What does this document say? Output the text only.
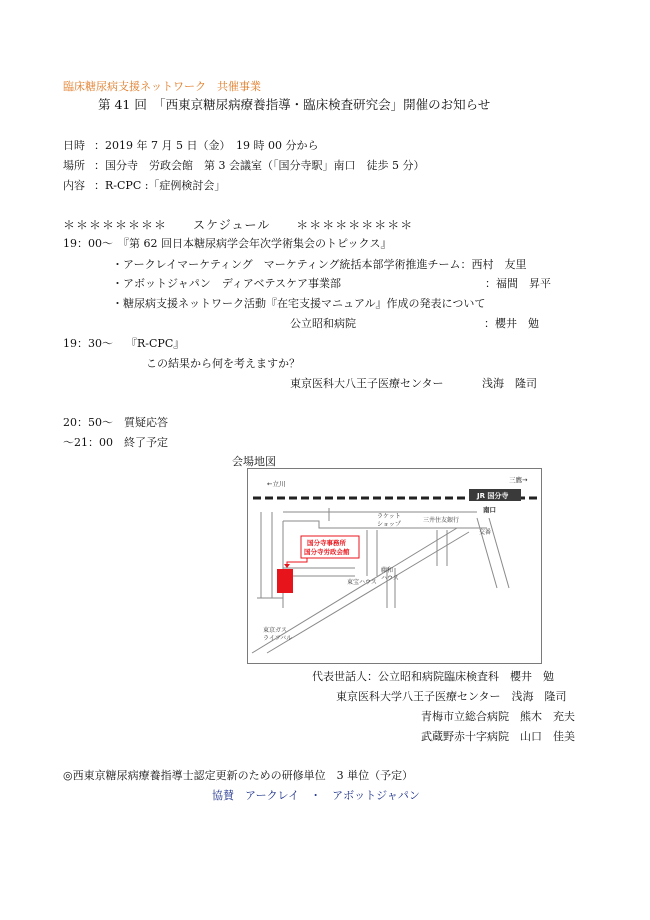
臨床糖尿病支援ネットワーク　共催事業
第 41 回　「西東京糖尿病療養指導・臨床検査研究会」開催のお知らせ
日時 ：2019 年 7 月 5 日（金）　19 時 00 分から
場所 ：国分寺　労政会館　第 3 会議室（「国分寺駅」南口　徒歩 5 分）
内容 ：R-CPC :「症例検討会」
＊＊＊＊＊＊＊＊　　スケジュール　　＊＊＊＊＊＊＊＊＊
19：00～ 『第 62 回日本糖尿病学会年次学術集会のトピックス』
・アークレイマーケティング　マーケティング統括本部学術推進チーム：西村　友里
・アボットジャパン　ディアベテスケア事業部	：福間　昇平
・糖尿病支援ネットワーク活動『在宅支援マニュアル』作成の発表について
公立昭和病院	：櫻井　勉
19：30～ 『R-CPC』
この結果から何を考えますか？
東京医科大八王子医療センター	浅海　隆司
20：50～　質疑応答
～21：00　終了予定
会場地図
←立川	三鷹→
JR 国分寺
南口
ラケット
ショップ
三井住友銀行
交番
東宝ハウス
藤和
ハウス
東京ガス
ライフバル
国分寺事務所
国分寺労政会館
代表世話人：公立昭和病院臨床検査科　櫻井　勉
東京医科大学八王子医療センター　浅海　隆司
青梅市立総合病院　熊木　充夫
武蔵野赤十字病院　山口　佳美
◎西東京糖尿病療養指導士認定更新のための研修単位　3 単位（予定）
協賛　アークレイ　・　アボットジャパン
